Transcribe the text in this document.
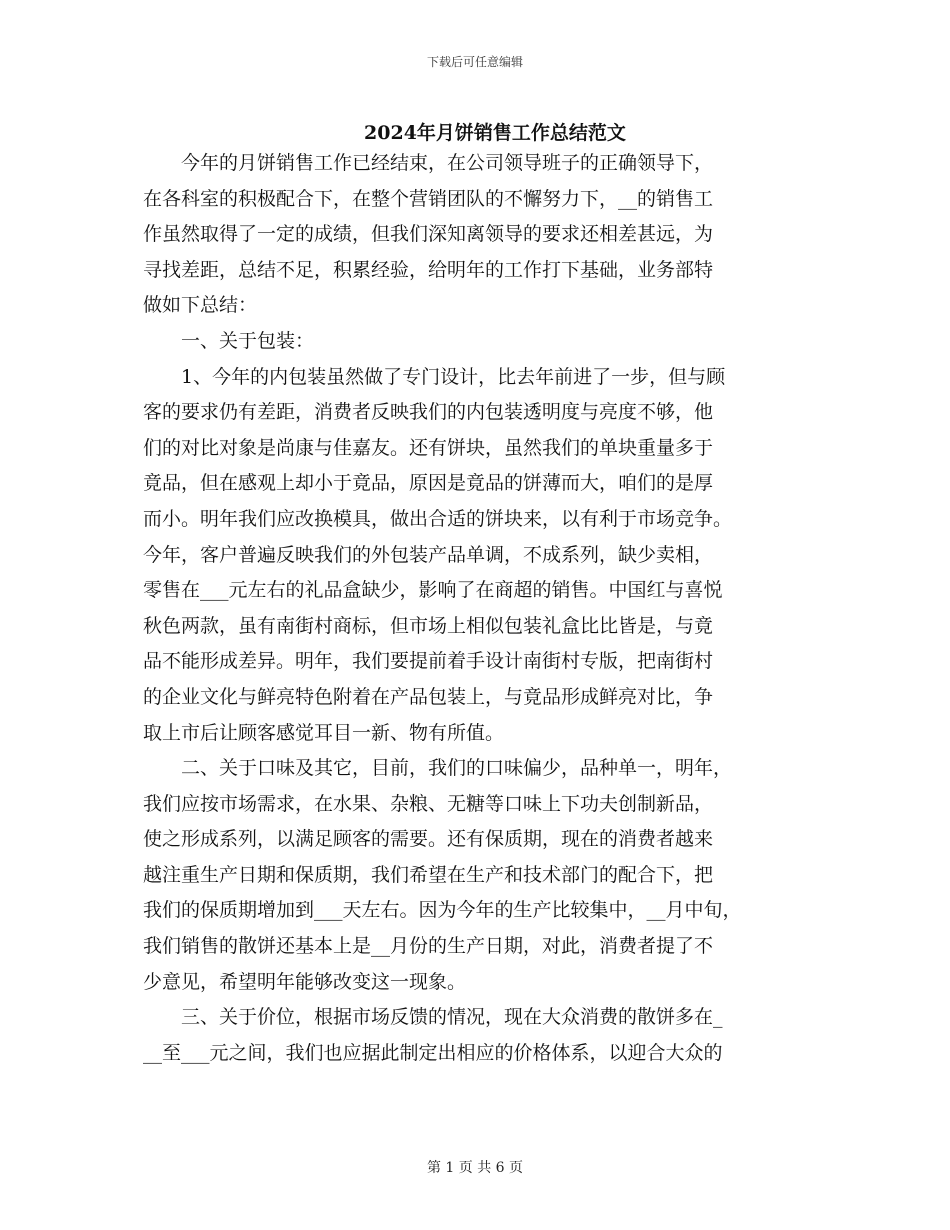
下载后可任意编辑
2024年月饼销售工作总结范文
　　今年的月饼销售工作已经结束，在公司领导班子的正确领导下，
在各科室的积极配合下，在整个营销团队的不懈努力下，__的销售工
作虽然取得了一定的成绩，但我们深知离领导的要求还相差甚远，为
寻找差距，总结不足，积累经验，给明年的工作打下基础，业务部特
做如下总结：
　　一、关于包装：
　　1、今年的内包装虽然做了专门设计，比去年前进了一步，但与顾
客的要求仍有差距，消费者反映我们的内包装透明度与亮度不够，他
们的对比对象是尚康与佳嘉友。还有饼块，虽然我们的单块重量多于
竟品，但在感观上却小于竟品，原因是竟品的饼薄而大，咱们的是厚
而小。明年我们应改换模具，做出合适的饼块来，以有利于市场竞争。
今年，客户普遍反映我们的外包装产品单调，不成系列，缺少卖相，
零售在___元左右的礼品盒缺少，影响了在商超的销售。中国红与喜悦
秋色两款，虽有南街村商标，但市场上相似包装礼盒比比皆是，与竟
品不能形成差异。明年，我们要提前着手设计南街村专版，把南街村
的企业文化与鲜亮特色附着在产品包装上，与竟品形成鲜亮对比，争
取上市后让顾客感觉耳目一新、物有所值。
　　二、关于口味及其它，目前，我们的口味偏少，品种单一，明年，
我们应按市场需求，在水果、杂粮、无糖等口味上下功夫创制新品，
使之形成系列，以满足顾客的需要。还有保质期，现在的消费者越来
越注重生产日期和保质期，我们希望在生产和技术部门的配合下，把
我们的保质期增加到___天左右。因为今年的生产比较集中，__月中旬，
我们销售的散饼还基本上是__月份的生产日期，对此，消费者提了不
少意见，希望明年能够改变这一现象。
　　三、关于价位，根据市场反馈的情况，现在大众消费的散饼多在_
__至___元之间，我们也应据此制定出相应的价格体系，以迎合大众的
第 1 页 共 6 页
